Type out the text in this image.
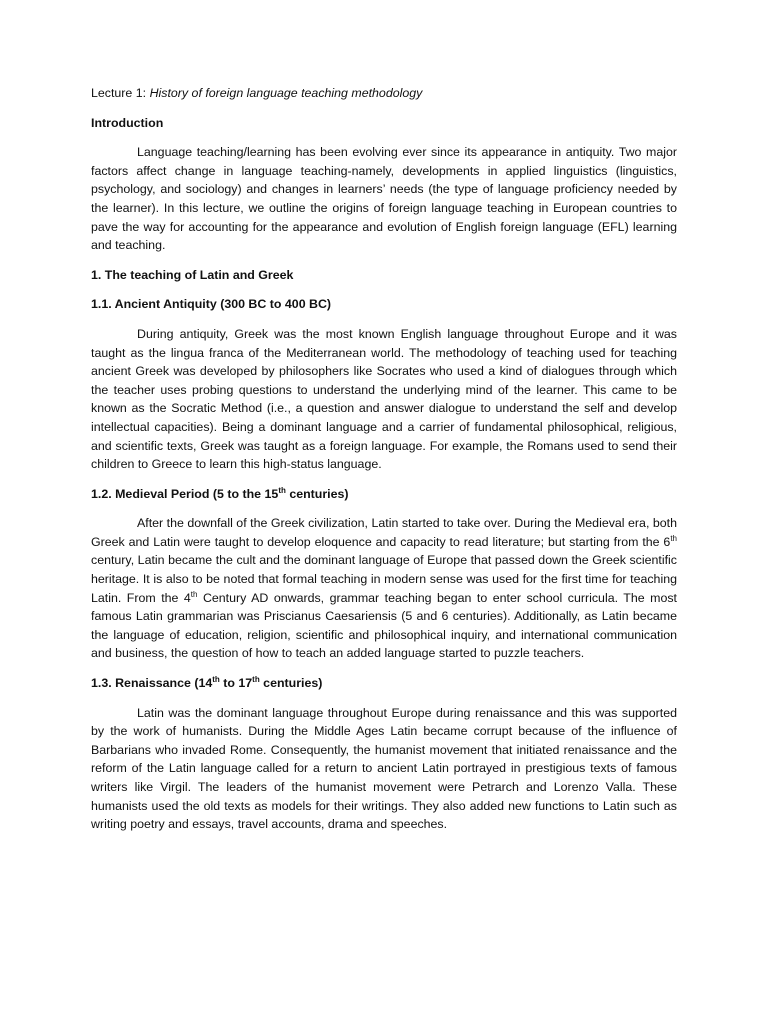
Lecture 1: History of foreign language teaching methodology

Introduction

Language teaching/learning has been evolving ever since its appearance in antiquity. Two major factors affect change in language teaching-namely, developments in applied linguistics (linguistics, psychology, and sociology) and changes in learners’ needs (the type of language proficiency needed by the learner). In this lecture, we outline the origins of foreign language teaching in European countries to pave the way for accounting for the appearance and evolution of English foreign language (EFL) learning and teaching.

1. The teaching of Latin and Greek

1.1. Ancient Antiquity (300 BC to 400 BC)

During antiquity, Greek was the most known English language throughout Europe and it was taught as the lingua franca of the Mediterranean world. The methodology of teaching used for teaching ancient Greek was developed by philosophers like Socrates who used a kind of dialogues through which the teacher uses probing questions to understand the underlying mind of the learner. This came to be known as the Socratic Method (i.e., a question and answer dialogue to understand the self and develop intellectual capacities). Being a dominant language and a carrier of fundamental philosophical, religious, and scientific texts, Greek was taught as a foreign language. For example, the Romans used to send their children to Greece to learn this high-status language.

1.2. Medieval Period (5 to the 15th centuries)

After the downfall of the Greek civilization, Latin started to take over. During the Medieval era, both Greek and Latin were taught to develop eloquence and capacity to read literature; but starting from the 6th century, Latin became the cult and the dominant language of Europe that passed down the Greek scientific heritage. It is also to be noted that formal teaching in modern sense was used for the first time for teaching Latin. From the 4th Century AD onwards, grammar teaching began to enter school curricula. The most famous Latin grammarian was Priscianus Caesariensis (5 and 6 centuries). Additionally, as Latin became the language of education, religion, scientific and philosophical inquiry, and international communication and business, the question of how to teach an added language started to puzzle teachers.

1.3. Renaissance (14th to 17th centuries)

Latin was the dominant language throughout Europe during renaissance and this was supported by the work of humanists. During the Middle Ages Latin became corrupt because of the influence of Barbarians who invaded Rome. Consequently, the humanist movement that initiated renaissance and the reform of the Latin language called for a return to ancient Latin portrayed in prestigious texts of famous writers like Virgil. The leaders of the humanist movement were Petrarch and Lorenzo Valla. These humanists used the old texts as models for their writings. They also added new functions to Latin such as writing poetry and essays, travel accounts, drama and speeches.
